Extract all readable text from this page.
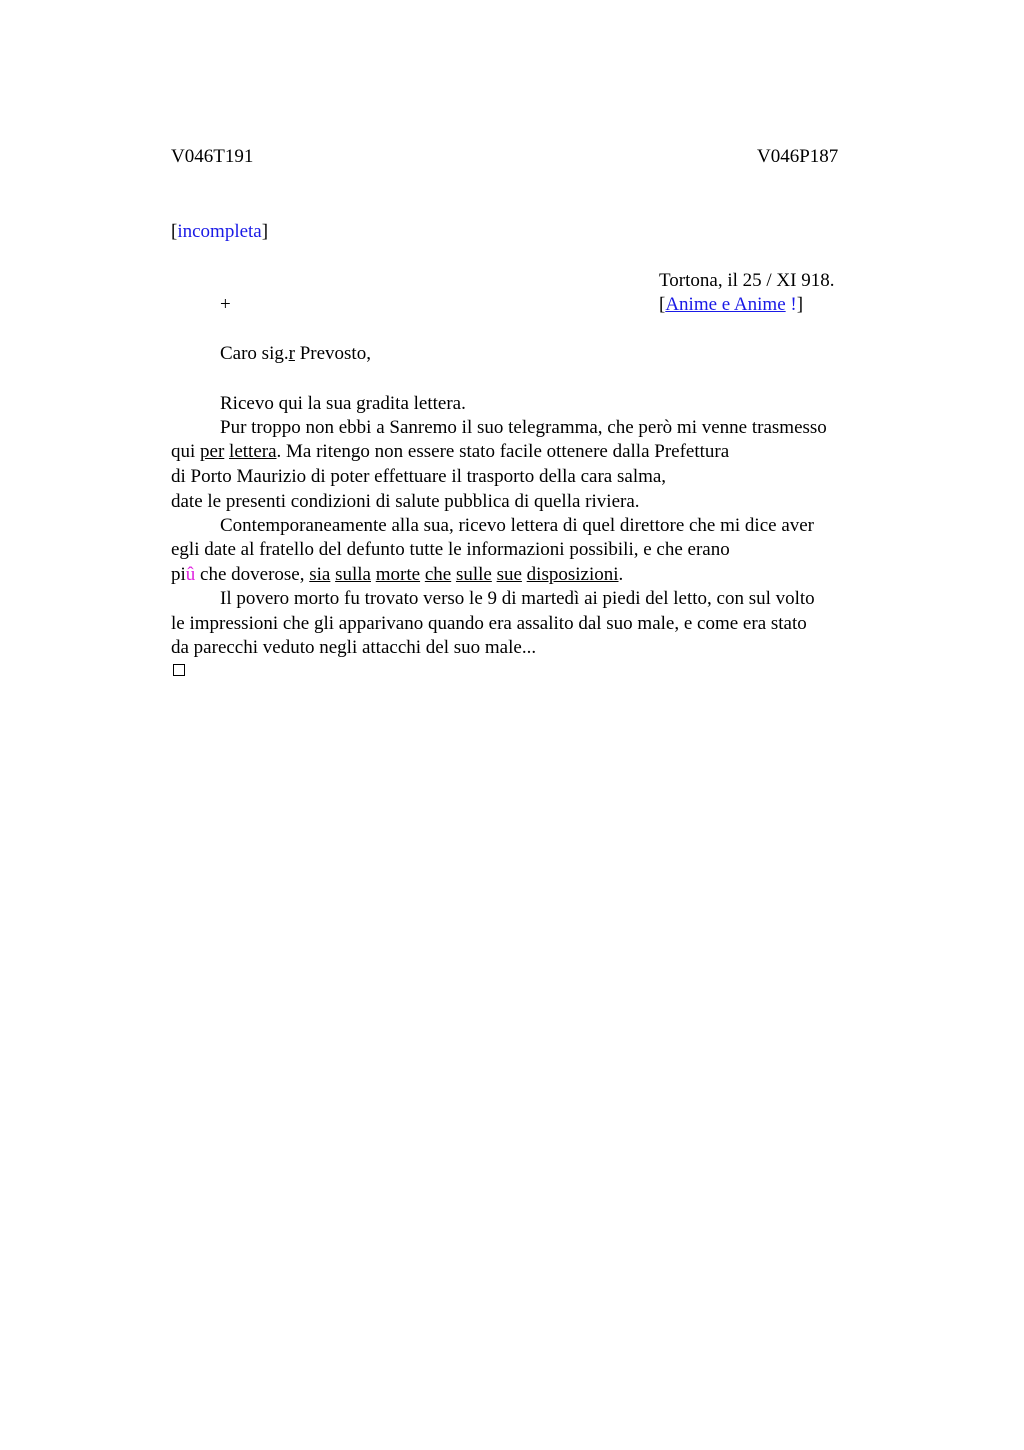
V046T191	V046P187
[incompleta]
Tortona, il 25 / XI 918.
[Anime e Anime !]
+
Caro sig.r Prevosto,
Ricevo qui la sua gradita lettera.
Pur troppo non ebbi a Sanremo il suo telegramma, che però mi venne trasmesso
qui per lettera. Ma ritengo non essere stato facile ottenere dalla Prefettura
di Porto Maurizio di poter effettuare il trasporto della cara salma,
date le presenti condizioni di salute pubblica di quella riviera.
Contemporaneamente alla sua, ricevo lettera di quel direttore che mi dice aver
egli date al fratello del defunto tutte le informazioni possibili, e che erano
piû che doverose, sia sulla morte che sulle sue disposizioni.
Il povero morto fu trovato verso le 9 di martedì ai piedi del letto, con sul volto
le impressioni che gli apparivano quando era assalito dal suo male, e come era stato
da parecchi veduto negli attacchi del suo male...
